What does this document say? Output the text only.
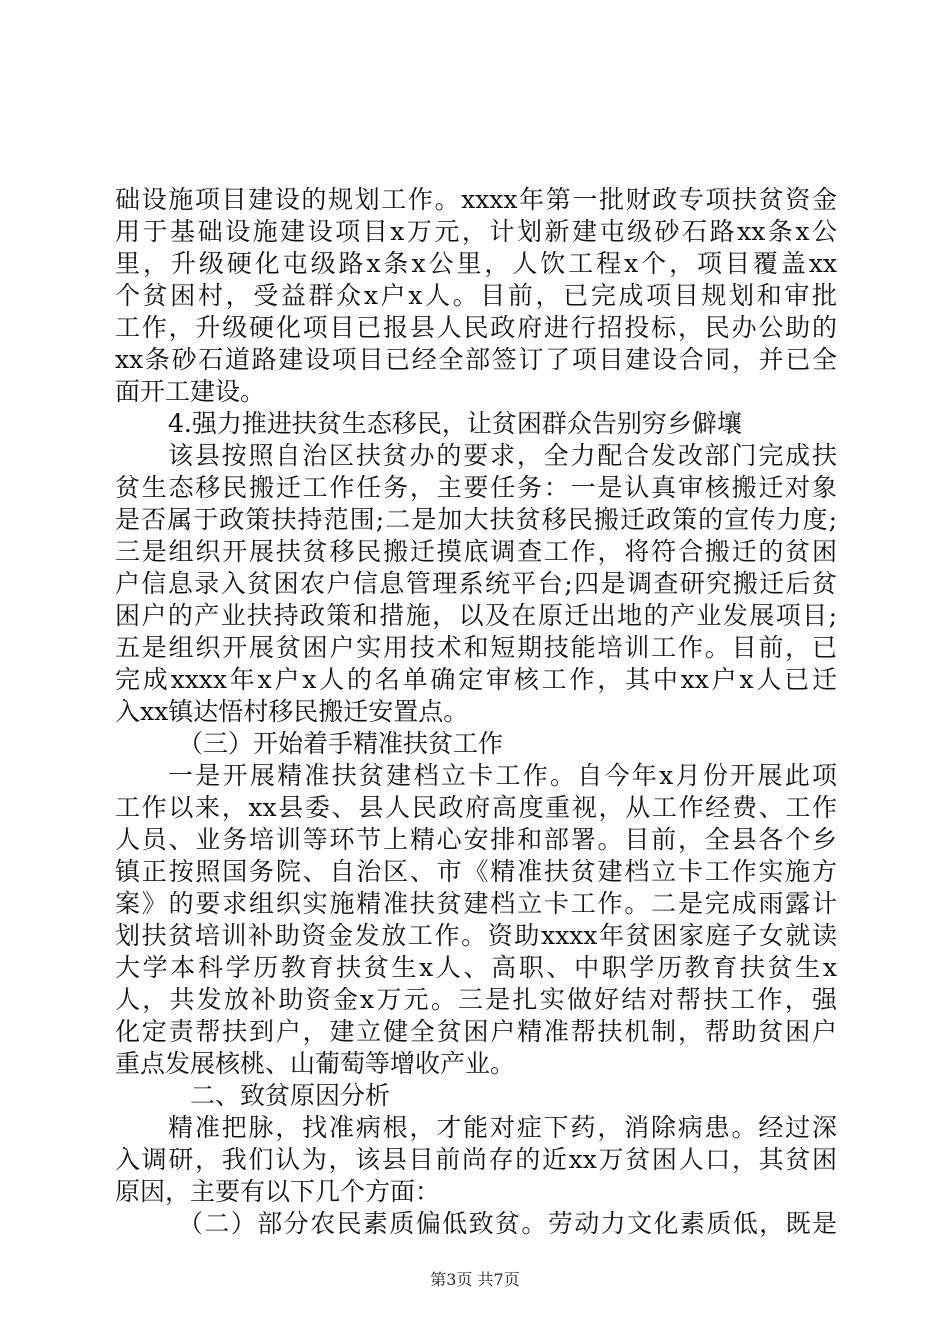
础设施项目建设的规划工作。xxxx年第一批财政专项扶贫资金
用于基础设施建设项目x万元，计划新建屯级砂石路xx条x公
里，升级硬化屯级路x条x公里，人饮工程x个，项目覆盖xx
个贫困村，受益群众x户x人。目前，已完成项目规划和审批
工作，升级硬化项目已报县人民政府进行招投标，民办公助的
xx条砂石道路建设项目已经全部签订了项目建设合同，并已全
面开工建设。
4.强力推进扶贫生态移民，让贫困群众告别穷乡僻壤
该县按照自治区扶贫办的要求，全力配合发改部门完成扶
贫生态移民搬迁工作任务，主要任务：一是认真审核搬迁对象
是否属于政策扶持范围;二是加大扶贫移民搬迁政策的宣传力度;
三是组织开展扶贫移民搬迁摸底调查工作，将符合搬迁的贫困
户信息录入贫困农户信息管理系统平台;四是调查研究搬迁后贫
困户的产业扶持政策和措施，以及在原迁出地的产业发展项目;
五是组织开展贫困户实用技术和短期技能培训工作。目前，已
完成xxxx年x户x人的名单确定审核工作，其中xx户x人已迁
入xx镇达悟村移民搬迁安置点。
（三）开始着手精准扶贫工作
一是开展精准扶贫建档立卡工作。自今年x月份开展此项
工作以来，xx县委、县人民政府高度重视，从工作经费、工作
人员、业务培训等环节上精心安排和部署。目前，全县各个乡
镇正按照国务院、自治区、市《精准扶贫建档立卡工作实施方
案》的要求组织实施精准扶贫建档立卡工作。二是完成雨露计
划扶贫培训补助资金发放工作。资助xxxx年贫困家庭子女就读
大学本科学历教育扶贫生x人、高职、中职学历教育扶贫生x
人，共发放补助资金x万元。三是扎实做好结对帮扶工作，强
化定责帮扶到户，建立健全贫困户精准帮扶机制，帮助贫困户
重点发展核桃、山葡萄等增收产业。
二、致贫原因分析
精准把脉，找准病根，才能对症下药，消除病患。经过深
入调研，我们认为，该县目前尚存的近xx万贫困人口，其贫困
原因，主要有以下几个方面：
（二）部分农民素质偏低致贫。劳动力文化素质低，既是
第3页 共7页
